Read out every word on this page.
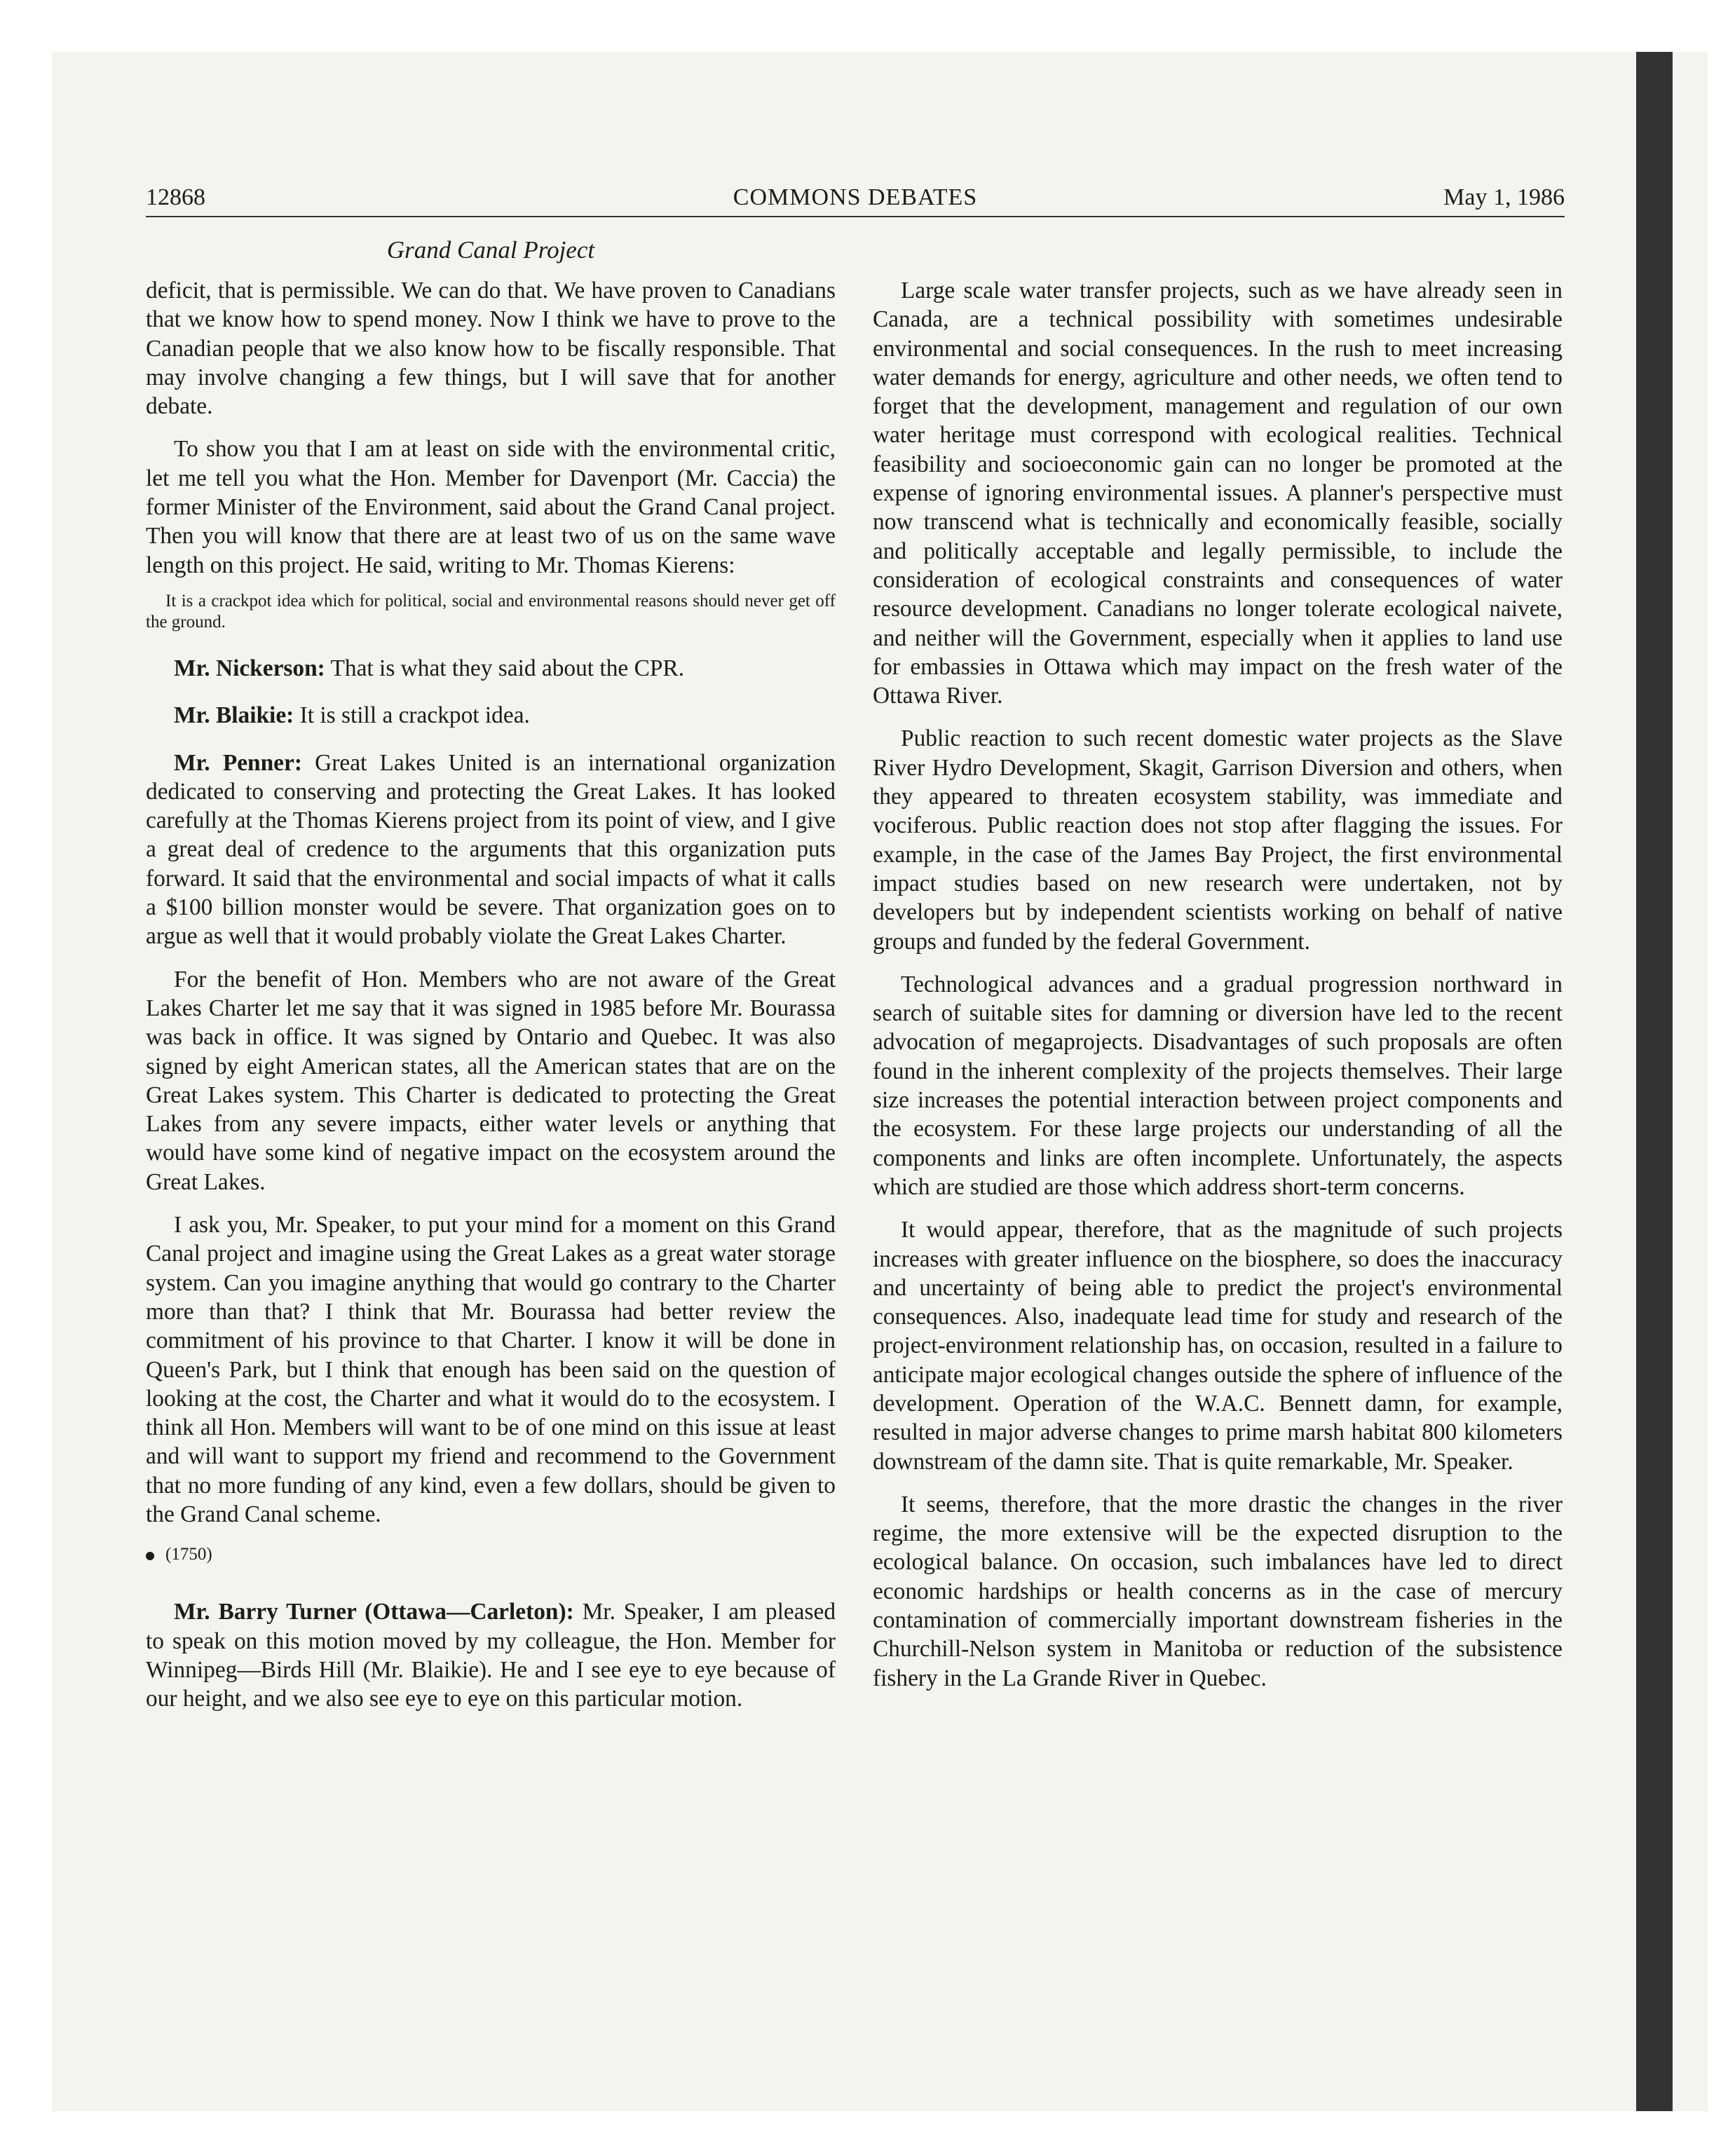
12868	COMMONS DEBATES	May 1, 1986
Grand Canal Project

deficit, that is permissible. We can do that. We have proven to Canadians that we know how to spend money. Now I think we have to prove to the Canadian people that we also know how to be fiscally responsible. That may involve changing a few things, but I will save that for another debate.

To show you that I am at least on side with the environmental critic, let me tell you what the Hon. Member for Davenport (Mr. Caccia) the former Minister of the Environment, said about the Grand Canal project. Then you will know that there are at least two of us on the same wave length on this project. He said, writing to Mr. Thomas Kierens:

It is a crackpot idea which for political, social and environmental reasons should never get off the ground.

Mr. Nickerson: That is what they said about the CPR.

Mr. Blaikie: It is still a crackpot idea.

Mr. Penner: Great Lakes United is an international organization dedicated to conserving and protecting the Great Lakes. It has looked carefully at the Thomas Kierens project from its point of view, and I give a great deal of credence to the arguments that this organization puts forward. It said that the environmental and social impacts of what it calls a $100 billion monster would be severe. That organization goes on to argue as well that it would probably violate the Great Lakes Charter.

For the benefit of Hon. Members who are not aware of the Great Lakes Charter let me say that it was signed in 1985 before Mr. Bourassa was back in office. It was signed by Ontario and Quebec. It was also signed by eight American states, all the American states that are on the Great Lakes system. This Charter is dedicated to protecting the Great Lakes from any severe impacts, either water levels or anything that would have some kind of negative impact on the ecosystem around the Great Lakes.

I ask you, Mr. Speaker, to put your mind for a moment on this Grand Canal project and imagine using the Great Lakes as a great water storage system. Can you imagine anything that would go contrary to the Charter more than that? I think that Mr. Bourassa had better review the commitment of his province to that Charter. I know it will be done in Queen's Park, but I think that enough has been said on the question of looking at the cost, the Charter and what it would do to the ecosystem. I think all Hon. Members will want to be of one mind on this issue at least and will want to support my friend and recommend to the Government that no more funding of any kind, even a few dollars, should be given to the Grand Canal scheme.

(1750)

Mr. Barry Turner (Ottawa—Carleton): Mr. Speaker, I am pleased to speak on this motion moved by my colleague, the Hon. Member for Winnipeg—Birds Hill (Mr. Blaikie). He and I see eye to eye because of our height, and we also see eye to eye on this particular motion.

Large scale water transfer projects, such as we have already seen in Canada, are a technical possibility with sometimes undesirable environmental and social consequences. In the rush to meet increasing water demands for energy, agriculture and other needs, we often tend to forget that the development, management and regulation of our own water heritage must correspond with ecological realities. Technical feasibility and socioeconomic gain can no longer be promoted at the expense of ignoring environmental issues. A planner's perspective must now transcend what is technically and economically feasible, socially and politically acceptable and legally permissible, to include the consideration of ecological constraints and consequences of water resource development. Canadians no longer tolerate ecological naivete, and neither will the Government, especially when it applies to land use for embassies in Ottawa which may impact on the fresh water of the Ottawa River.

Public reaction to such recent domestic water projects as the Slave River Hydro Development, Skagit, Garrison Diversion and others, when they appeared to threaten ecosystem stability, was immediate and vociferous. Public reaction does not stop after flagging the issues. For example, in the case of the James Bay Project, the first environmental impact studies based on new research were undertaken, not by developers but by independent scientists working on behalf of native groups and funded by the federal Government.

Technological advances and a gradual progression northward in search of suitable sites for damning or diversion have led to the recent advocation of megaprojects. Disadvantages of such proposals are often found in the inherent complexity of the projects themselves. Their large size increases the potential interaction between project components and the ecosystem. For these large projects our understanding of all the components and links are often incomplete. Unfortunately, the aspects which are studied are those which address short-term concerns.

It would appear, therefore, that as the magnitude of such projects increases with greater influence on the biosphere, so does the inaccuracy and uncertainty of being able to predict the project's environmental consequences. Also, inadequate lead time for study and research of the project-environment relationship has, on occasion, resulted in a failure to anticipate major ecological changes outside the sphere of influence of the development. Operation of the W.A.C. Bennett damn, for example, resulted in major adverse changes to prime marsh habitat 800 kilometers downstream of the damn site. That is quite remarkable, Mr. Speaker.

It seems, therefore, that the more drastic the changes in the river regime, the more extensive will be the expected disruption to the ecological balance. On occasion, such imbalances have led to direct economic hardships or health concerns as in the case of mercury contamination of commercially important downstream fisheries in the Churchill-Nelson system in Manitoba or reduction of the subsistence fishery in the La Grande River in Quebec.
